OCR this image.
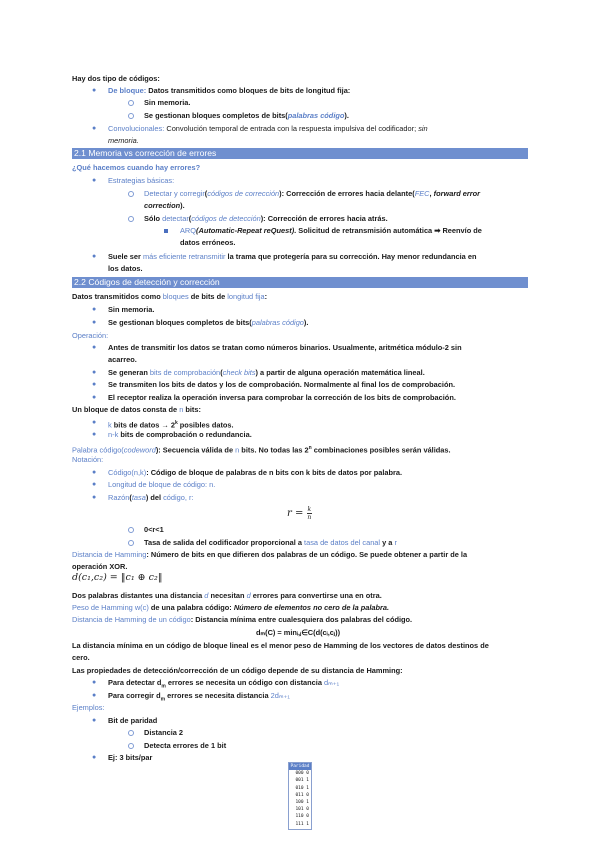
Hay dos tipo de códigos:
● De bloque: Datos transmitidos como bloques de bits de longitud fija:
Sin memoria.
Se gestionan bloques completos de bits(palabras código).
● Convolucionales: Convolución temporal de entrada con la respuesta impulsiva del codificador; sin
memoria.
2.1 Memoria vs corrección de errores
¿Qué hacemos cuando hay errores?
● Estrategias básicas:
Detectar y corregir(códigos de corrección): Corrección de errores hacia delante(FEC, forward error
correction).
Sólo detectar(códigos de detección): Corrección de errores hacia atrás.
ARQ(Automatic-Repeat reQuest). Solicitud de retransmisión automática ➡ Reenvío de
datos erróneos.
● Suele ser más eficiente retransmitir la trama que protegería para su corrección. Hay menor redundancia en
los datos.
2.2 Códigos de detección y corrección
Datos transmitidos como bloques de bits de longitud fija:
● Sin memoria.
● Se gestionan bloques completos de bits(palabras código).
Operación:
● Antes de transmitir los datos se tratan como números binarios. Usualmente, aritmética módulo-2 sin
acarreo.
● Se generan bits de comprobación(check bits) a partir de alguna operación matemática lineal.
● Se transmiten los bits de datos y los de comprobación. Normalmente al final los de comprobación.
● El receptor realiza la operación inversa para comprobar la corrección de los bits de comprobación.
Un bloque de datos consta de n bits:
● k bits de datos → $2^k$ posibles datos.
● n-k bits de comprobación o redundancia.
Palabra código(codeword): Secuencia válida de n bits. No todas las 2$^n$ combinaciones posibles serán válidas.
Notación:
● Código(n,k): Código de bloque de palabras de n bits con k bits de datos por palabra.
● Longitud de bloque de código: n.
● Razón(tasa) del código, r:
$r = \frac{k}{n}$
0<r<1
Tasa de salida del codificador proporcional a tasa de datos del canal y a r
Distancia de Hamming: Número de bits en que difieren dos palabras de un código. Se puede obtener a partir de la
operación XOR.
d(c₁,c₂) = ‖c₁ ⊕ c₂‖
Dos palabras distantes una distancia d necesitan d errores para convertirse una en otra.
Peso de Hamming w(c) de una palabra código: Número de elementos no cero de la palabra.
Distancia de Hamming de un código: Distancia mínima entre cualesquiera dos palabras del código.
dₘ(C) = minᵢ,ⱼ∈C(d(cᵢ,cⱼ))
La distancia mínima en un código de bloque lineal es el menor peso de Hamming de los vectores de datos destinos de
cero.
Las propiedades de detección/corrección de un código depende de su distancia de Hamming:
● Para detectar $d_m$ errores se necesita un código con distancia dₘ₊₁
● Para corregir $d_m$ errores se necesita distancia 2dₘ₊₁
Ejemplos:
● Bit de paridad
Distancia 2
Detecta errores de 1 bit
● Ej: 3 bits/par
Paridad
000 0
001 1
010 1
011 0
100 1
101 0
110 0
111 1
